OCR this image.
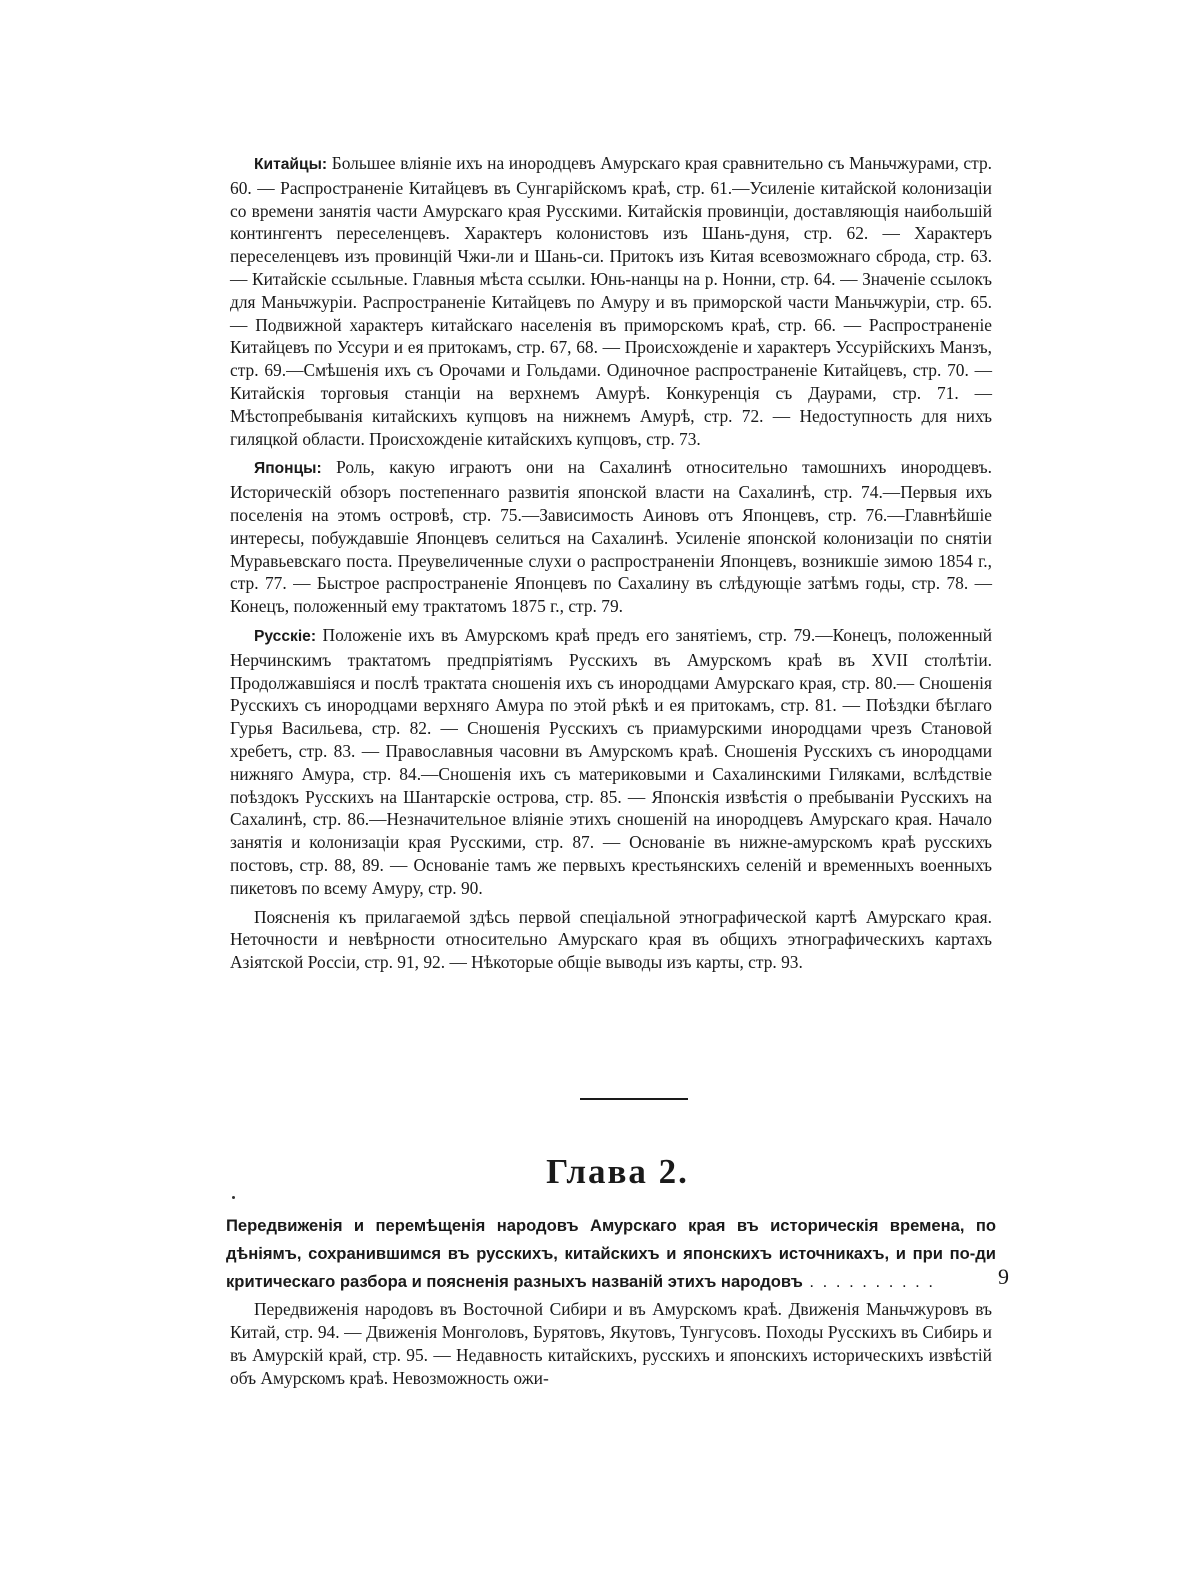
Китайцы: Большее вліяніе ихъ на инородцевъ Амурскаго края сравнительно съ Маньчжурами, стр. 60. — Распространеніе Китайцевъ въ Сунгарійскомъ краѣ, стр. 61.—Усиленіе китайской колонизаціи со времени занятія части Амурскаго края Русскими. Китайскія провинціи, доставляющія наибольшій контингентъ переселенцевъ. Характеръ колонистовъ изъ Шань-дуня, стр. 62. — Характеръ переселенцевъ изъ провинцій Чжи-ли и Шань-си. Притокъ изъ Китая всевозможнаго сброда, стр. 63. — Китайскіе ссыльные. Главныя мѣста ссылки. Юнь-нанцы на р. Нонни, стр. 64. — Значеніе ссылокъ для Маньчжуріи. Распространеніе Китайцевъ по Амуру и въ приморской части Маньчжуріи, стр. 65. — Подвижной характеръ китайскаго населенія въ приморскомъ краѣ, стр. 66. — Распространеніе Китайцевъ по Уссури и ея притокамъ, стр. 67, 68. — Происхожденіе и характеръ Уссурійскихъ Манзъ, стр. 69.—Смѣшенія ихъ съ Орочами и Гольдами. Одиночное распространеніе Китайцевъ, стр. 70. — Китайскія торговыя станціи на верхнемъ Амурѣ. Конкуренція съ Даурами, стр. 71. — Мѣстопребыванія китайскихъ купцовъ на нижнемъ Амурѣ, стр. 72. — Недоступность для нихъ гиляцкой области. Происхожденіе китайскихъ купцовъ, стр. 73.

Японцы: Роль, какую играютъ они на Сахалинѣ относительно тамошнихъ инородцевъ. Историческій обзоръ постепеннаго развитія японской власти на Сахалинѣ, стр. 74.—Первыя ихъ поселенія на этомъ островѣ, стр. 75.—Зависимость Аиновъ отъ Японцевъ, стр. 76.—Главнѣйшіе интересы, побуждавшіе Японцевъ селиться на Сахалинѣ. Усиленіе японской колонизаціи по снятіи Муравьевскаго поста. Преувеличенные слухи о распространеніи Японцевъ, возникшіе зимою 1854 г., стр. 77. — Быстрое распространеніе Японцевъ по Сахалину въ слѣдующіе затѣмъ годы, стр. 78. — Конецъ, положенный ему трактатомъ 1875 г., стр. 79.

Русскіе: Положеніе ихъ въ Амурскомъ краѣ предъ его занятіемъ, стр. 79.—Конецъ, положенный Нерчинскимъ трактатомъ предпріятіямъ Русскихъ въ Амурскомъ краѣ въ XVII столѣтіи. Продолжавшіяся и послѣ трактата сношенія ихъ съ инородцами Амурскаго края, стр. 80.— Сношенія Русскихъ съ инородцами верхняго Амура по этой рѣкѣ и ея притокамъ, стр. 81. — Поѣздки бѣглаго Гурья Васильева, стр. 82. — Сношенія Русскихъ съ приамурскими инородцами чрезъ Становой хребетъ, стр. 83. — Православныя часовни въ Амурскомъ краѣ. Сношенія Русскихъ съ инородцами нижняго Амура, стр. 84.—Сношенія ихъ съ материковыми и Сахалинскими Гиляками, вслѣдствіе поѣздокъ Русскихъ на Шантарскіе острова, стр. 85. — Японскія извѣстія о пребываніи Русскихъ на Сахалинѣ, стр. 86.—Незначительное вліяніе этихъ сношеній на инородцевъ Амурскаго края. Начало занятія и колонизаціи края Русскими, стр. 87. — Основаніе въ нижне-амурскомъ краѣ русскихъ постовъ, стр. 88, 89. — Основаніе тамъ же первыхъ крестьянскихъ селеній и временныхъ военныхъ пикетовъ по всему Амуру, стр. 90.

Поясненія къ прилагаемой здѣсь первой спеціальной этнографической картѣ Амурскаго края. Неточности и невѣрности относительно Амурскаго края въ общихъ этнографическихъ картахъ Азіятской Россіи, стр. 91, 92. — Нѣкоторые общіе выводы изъ карты, стр. 93.

Глава 2.
Передвиженія и перемѣщенія народовъ Амурскаго края въ историческія времена, по дѣніямъ, сохранившимся въ русскихъ, китайскихъ и японскихъ источникахъ, и при по-ди критическаго разбора и поясненія разныхъ названій этихъ народовъ . . . . . . . . . .	9

Передвиженія народовъ въ Восточной Сибири и въ Амурскомъ краѣ. Движенія Маньчжуровъ въ Китай, стр. 94. — Движенія Монголовъ, Бурятовъ, Якутовъ, Тунгусовъ. Походы Русскихъ въ Сибирь и въ Амурскій край, стр. 95. — Недавность китайскихъ, русскихъ и японскихъ историческихъ извѣстій объ Амурскомъ краѣ. Невозможность ожи-
